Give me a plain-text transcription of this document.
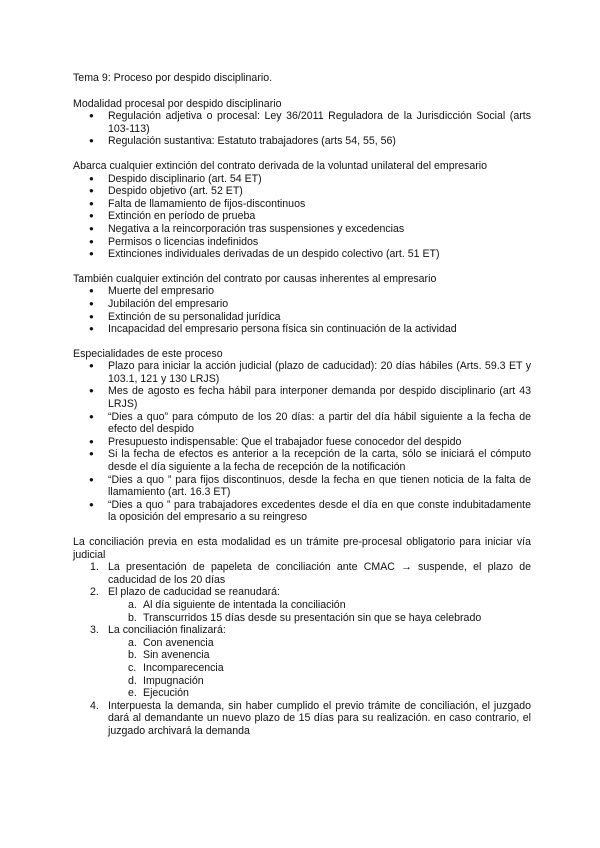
Tema 9: Proceso por despido disciplinario.

Modalidad procesal por despido disciplinario

● Regulación adjetiva o procesal: Ley 36/2011 Reguladora de la Jurisdicción Social (arts 103-113)
● Regulación sustantiva: Estatuto trabajadores (arts 54, 55, 56)

Abarca cualquier extinción del contrato derivada de la voluntad unilateral del empresario

● Despido disciplinario (art. 54 ET)
● Despido objetivo (art. 52 ET)
● Falta de llamamiento de fijos-discontinuos
● Extinción en período de prueba
● Negativa a la reincorporación tras suspensiones y excedencias
● Permisos o licencias indefinidos
● Extinciones individuales derivadas de un despido colectivo (art. 51 ET)

También cualquier extinción del contrato por causas inherentes al empresario

● Muerte del empresario
● Jubilación del empresario
● Extinción de su personalidad jurídica
● Incapacidad del empresario persona física sin continuación de la actividad

Especialidades de este proceso

● Plazo para iniciar la acción judicial (plazo de caducidad): 20 días hábiles (Arts. 59.3 ET y 103.1, 121 y 130 LRJS)
● Mes de agosto es fecha hábil para interponer demanda por despido disciplinario (art 43 LRJS)
● “Dies a quo” para cómputo de los 20 días: a partir del día hábil siguiente a la fecha de efecto del despido
● Presupuesto indispensable: Que el trabajador fuese conocedor del despido
● Si la fecha de efectos es anterior a la recepción de la carta, sólo se iniciará el cómputo desde el día siguiente a la fecha de recepción de la notificación
● “Dies a quo ” para fijos discontinuos, desde la fecha en que tienen noticia de la falta de llamamiento (art. 16.3 ET)
● “Dies a quo ” para trabajadores excedentes desde el día en que conste indubitadamente la oposición del empresario a su reingreso

La conciliación previa en esta modalidad es un trámite pre-procesal obligatorio para iniciar vía judicial

1. La presentación de papeleta de conciliación ante CMAC → suspende, el plazo de caducidad de los 20 días
2. El plazo de caducidad se reanudará:
a. Al día siguiente de intentada la conciliación
b. Transcurridos 15 días desde su presentación sin que se haya celebrado
3. La conciliación finalizará:
a. Con avenencia
b. Sin avenencia
c. Incomparecencia
d. Impugnación
e. Ejecución
4. Interpuesta la demanda, sin haber cumplido el previo trámite de conciliación, el juzgado dará al demandante un nuevo plazo de 15 días para su realización. en caso contrario, el juzgado archivará la demanda
